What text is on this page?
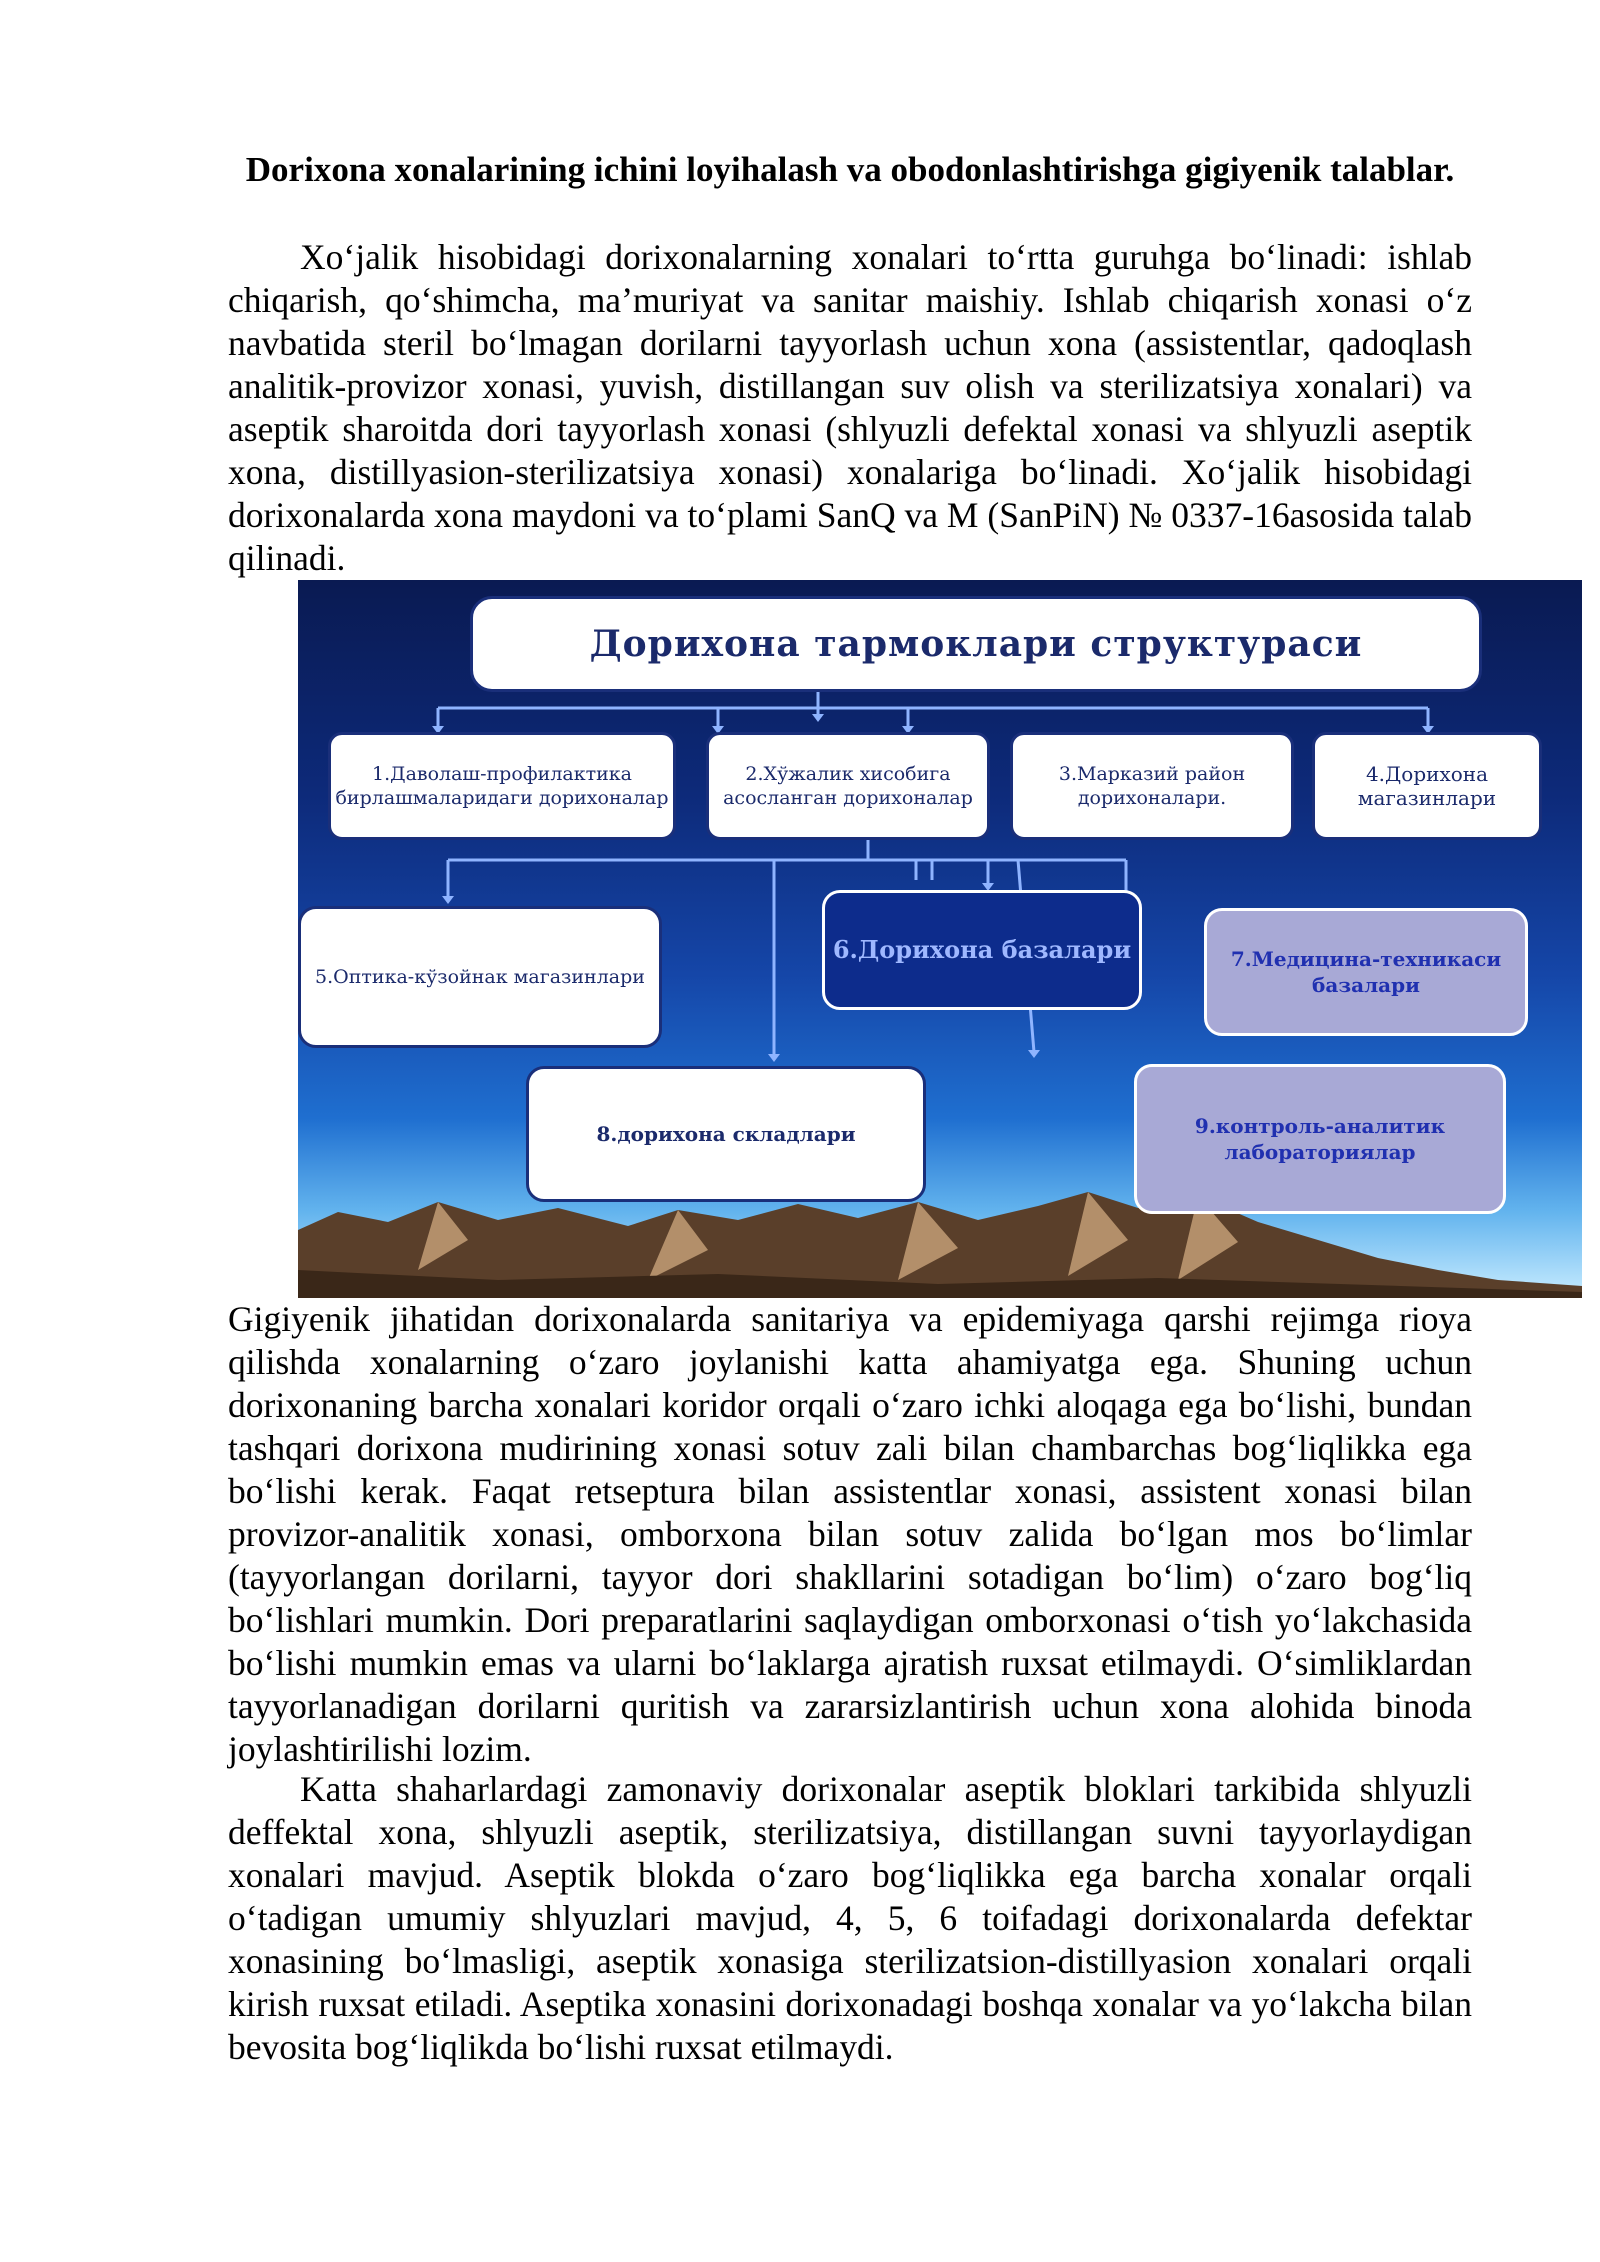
Dorixona xonalarining ichini loyihalash va obodonlashtirishga gigiyenik talablar.

Xo‘jalik hisobidagi dorixonalarning xonalari to‘rtta guruhga bo‘linadi: ishlab chiqarish, qo‘shimcha, ma’muriyat va sanitar maishiy. Ishlab chiqarish xonasi o‘z navbatida steril bo‘lmagan dorilarni tayyorlash uchun xona (assistentlar, qadoqlash analitik-provizor xonasi, yuvish, distillangan suv olish va sterilizatsiya xonalari) va aseptik sharoitda dori tayyorlash xonasi (shlyuzli defektal xonasi va shlyuzli aseptik xona, distillyasion-sterilizatsiya xonasi) xonalariga bo‘linadi. Xo‘jalik hisobidagi dorixonalarda xona maydoni va to‘plami SanQ va M (SanPiN) № 0337-16asosida talab qilinadi.

Дорихона тармоклари структураси
1.Даволаш-профилактика бирлашмаларидаги дорихоналар
2.Хўжалик хисобига асосланган дорихоналар
3.Марказий район дорихоналари.
4.Дорихона магазинлари
5.Оптика-кўзойнак магазинлари
6.Дорихона базалари	7.Медицина-техникаси базалари
8.дорихона складлари	9.контроль-аналитик лабораториялар

Gigiyenik jihatidan dorixonalarda sanitariya va epidemiyaga qarshi rejimga rioya qilishda xonalarning o‘zaro joylanishi katta ahamiyatga ega. Shuning uchun dorixonaning barcha xonalari koridor orqali o‘zaro ichki aloqaga ega bo‘lishi, bundan tashqari dorixona mudirining xonasi sotuv zali bilan chambarchas bog‘liqlikka ega bo‘lishi kerak. Faqat retseptura bilan assistentlar xonasi, assistent xonasi bilan provizor-analitik xonasi, omborxona bilan sotuv zalida bo‘lgan mos bo‘limlar (tayyorlangan dorilarni, tayyor dori shakllarini sotadigan bo‘lim) o‘zaro bog‘liq bo‘lishlari mumkin. Dori preparatlarini saqlaydigan omborxonasi o‘tish yo‘lakchasida bo‘lishi mumkin emas va ularni bo‘laklarga ajratish ruxsat etilmaydi. O‘simliklardan tayyorlanadigan dorilarni quritish va zararsizlantirish uchun xona alohida binoda joylashtirilishi lozim.

Katta shaharlardagi zamonaviy dorixonalar aseptik bloklari tarkibida shlyuzli deffektal xona, shlyuzli aseptik, sterilizatsiya, distillangan suvni tayyorlaydigan xonalari mavjud. Aseptik blokda o‘zaro bog‘liqlikka ega barcha xonalar orqali o‘tadigan umumiy shlyuzlari mavjud, 4, 5, 6 toifadagi dorixonalarda defektar xonasining bo‘lmasligi, aseptik xonasiga sterilizatsion-distillyasion xonalari orqali kirish ruxsat etiladi. Aseptika xonasini dorixonadagi boshqa xonalar va yo‘lakcha bilan bevosita bog‘liqlikda bo‘lishi ruxsat etilmaydi.
